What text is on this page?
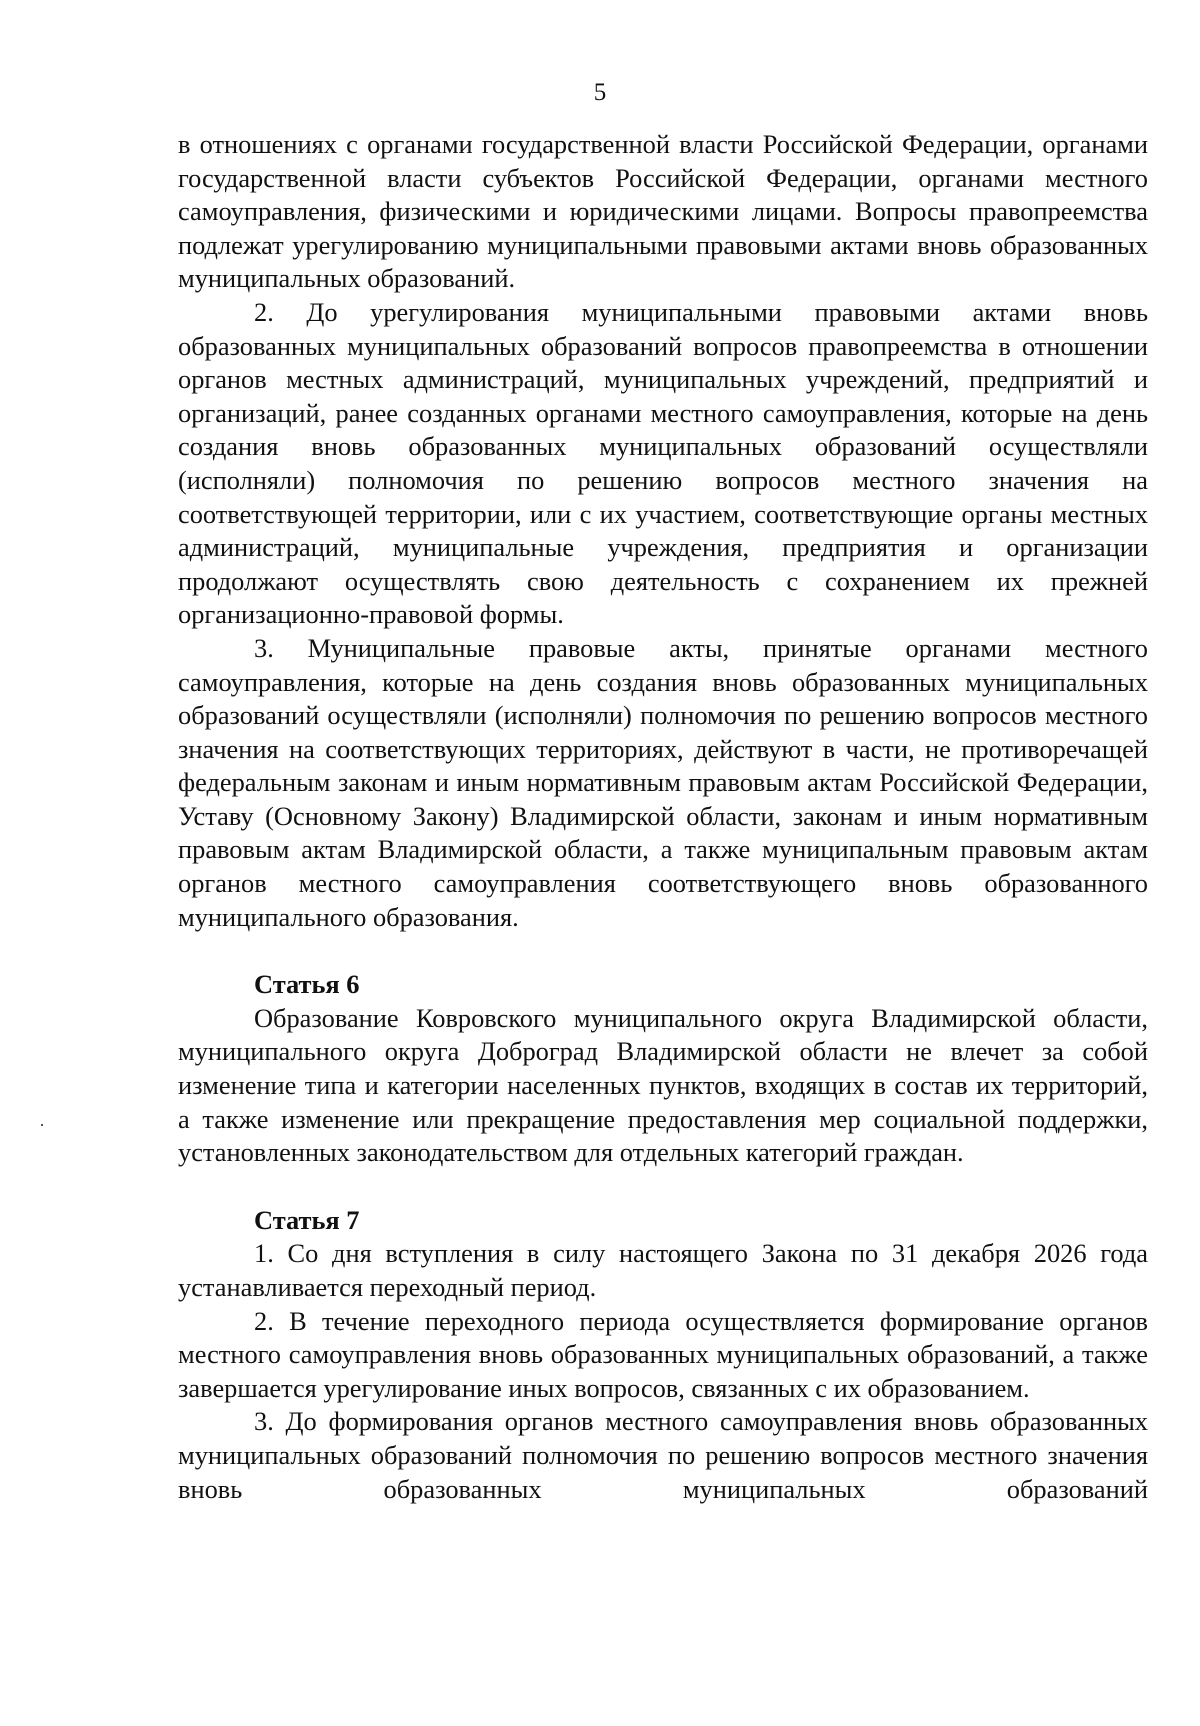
5

в отношениях с органами государственной власти Российской Федерации, органами государственной власти субъектов Российской Федерации, органами местного самоуправления, физическими и юридическими лицами. Вопросы правопреемства подлежат урегулированию муниципальными правовыми актами вновь образованных муниципальных образований.

2. До урегулирования муниципальными правовыми актами вновь образованных муниципальных образований вопросов правопреемства в отношении органов местных администраций, муниципальных учреждений, предприятий и организаций, ранее созданных органами местного самоуправления, которые на день создания вновь образованных муниципальных образований осуществляли (исполняли) полномочия по решению вопросов местного значения на соответствующей территории, или с их участием, соответствующие органы местных администраций, муниципальные учреждения, предприятия и организации продолжают осуществлять свою деятельность с сохранением их прежней организационно-правовой формы.

3. Муниципальные правовые акты, принятые органами местного самоуправления, которые на день создания вновь образованных муниципальных образований осуществляли (исполняли) полномочия по решению вопросов местного значения на соответствующих территориях, действуют в части, не противоречащей федеральным законам и иным нормативным правовым актам Российской Федерации, Уставу (Основному Закону) Владимирской области, законам и иным нормативным правовым актам Владимирской области, а также муниципальным правовым актам органов местного самоуправления соответствующего вновь образованного муниципального образования.

Статья 6

Образование Ковровского муниципального округа Владимирской области, муниципального округа Доброград Владимирской области не влечет за собой изменение типа и категории населенных пунктов, входящих в состав их территорий, а также изменение или прекращение предоставления мер социальной поддержки, установленных законодательством для отдельных категорий граждан.

Статья 7

1. Со дня вступления в силу настоящего Закона по 31 декабря 2026 года устанавливается переходный период.

2. В течение переходного периода осуществляется формирование органов местного самоуправления вновь образованных муниципальных образований, а также завершается урегулирование иных вопросов, связанных с их образованием.

3. До формирования органов местного самоуправления вновь образованных муниципальных образований полномочия по решению вопросов местного значения вновь образованных муниципальных образований
